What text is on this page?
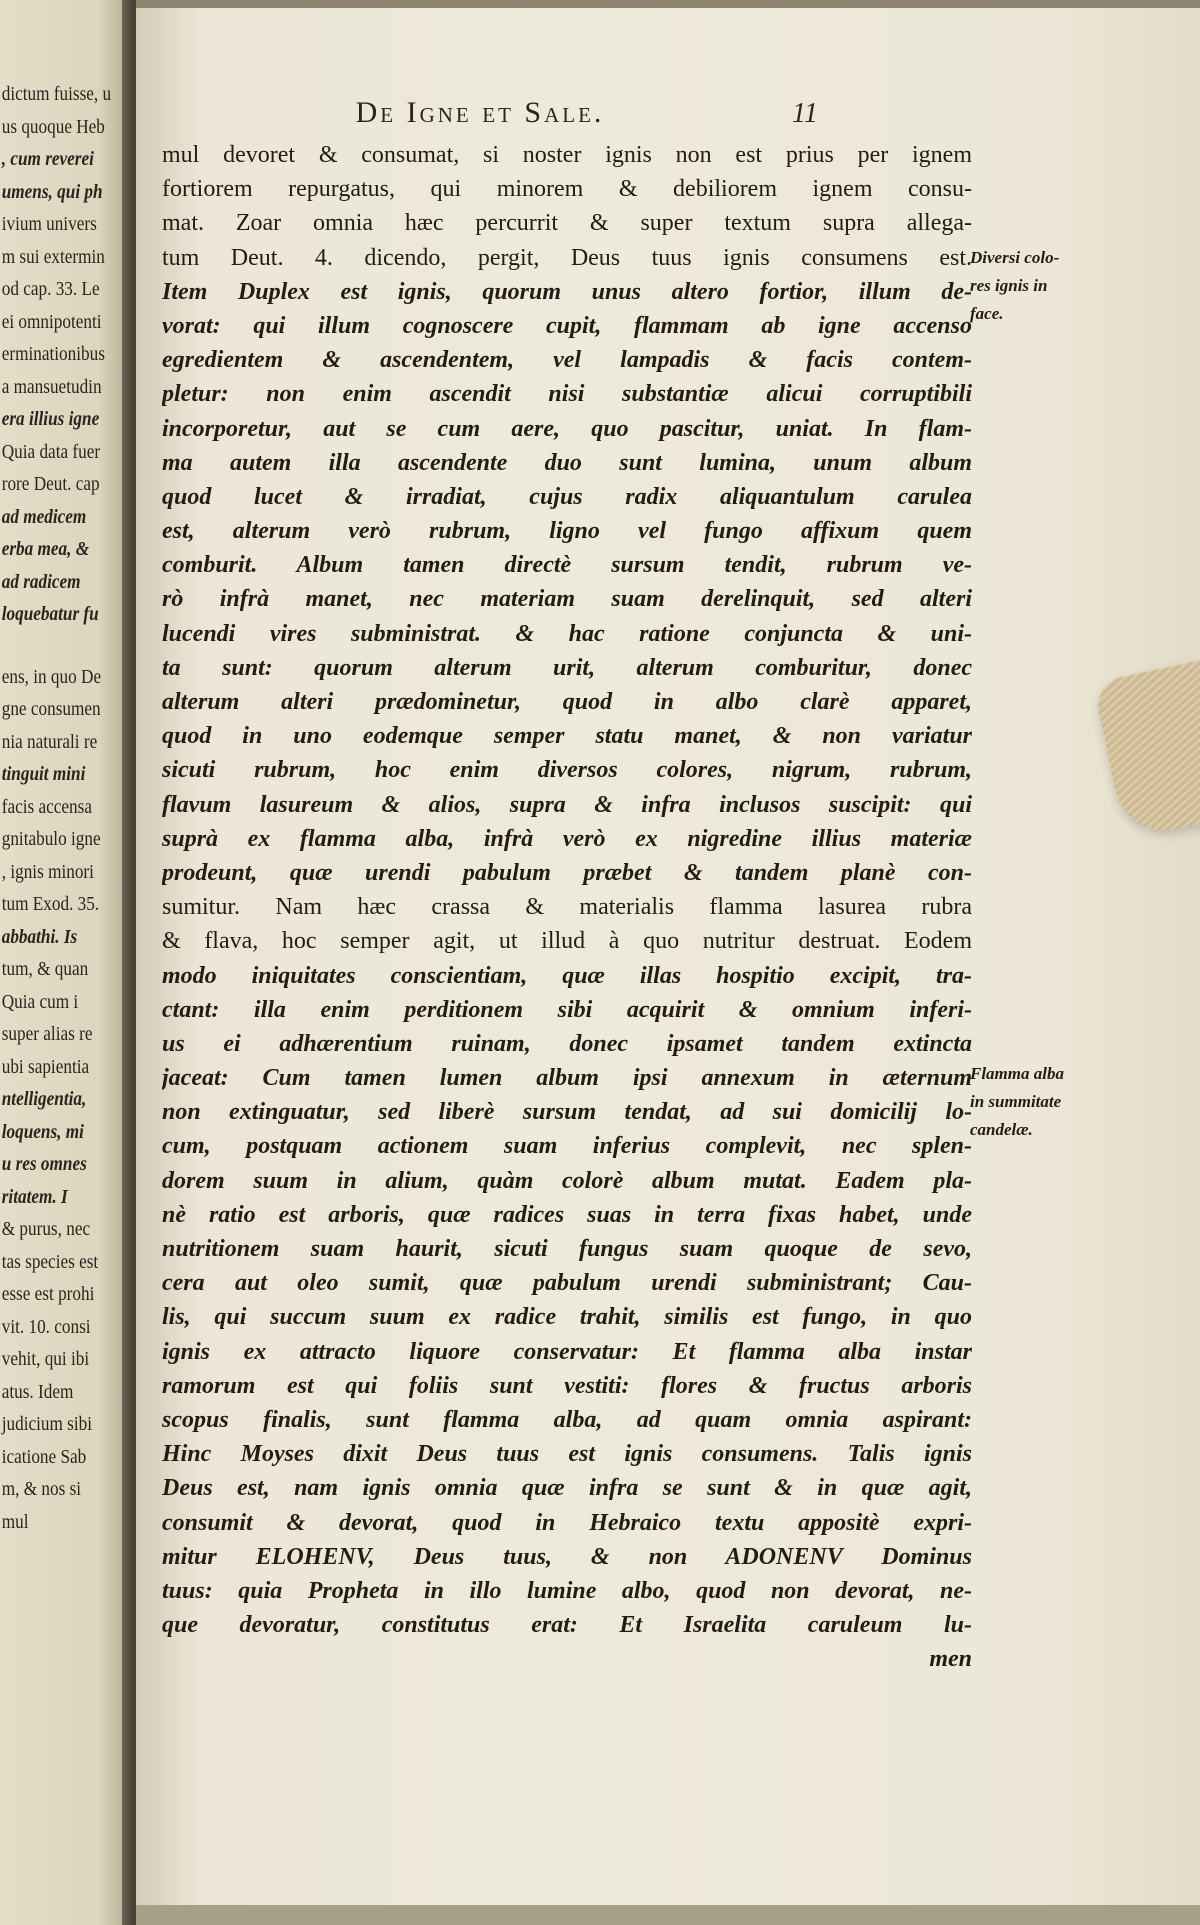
dictum fuisse, u
us quoque Heb
, cum reverei
umens, qui ph
ivium univers
m sui extermin
od cap. 33. Le
ei omnipotenti
erminationibus
a mansuetudin
era illius igne
Quia data fuer
rore Deut. cap
ad medicem
erba mea, &
ad radicem
loquebatur fu
ens, in quo De
gne consumen
nia naturali re
tinguit mini
facis accensa
gnitabulo igne
, ignis minori
tum Exod. 35.
abbathi. Is
tum, & quan
Quia cum i
super alias re
ubi sapientia
ntelligentia,
loquens, mi
u res omnes
ritatem. I
& purus, nec
tas species est
esse est prohi
vit. 10. consi
vehit, qui ibi
atus. Idem
judicium sibi
icatione Sab
m, & nos si
mul
De Igne et Sale.	11
mul devoret & consumat, si noster ignis non est prius per ignem
fortiorem repurgatus, qui minorem & debiliorem ignem consu-
mat. Zoar omnia hæc percurrit & super textum supra allega-
tum Deut. 4. dicendo, pergit, Deus tuus ignis consumens est.
Item Duplex est ignis, quorum unus altero fortior, illum de-
vorat: qui illum cognoscere cupit, flammam ab igne accenso
egredientem & ascendentem, vel lampadis & facis contem-
pletur: non enim ascendit nisi substantiæ alicui corruptibili
incorporetur, aut se cum aere, quo pascitur, uniat. In flam-
ma autem illa ascendente duo sunt lumina, unum album
quod lucet & irradiat, cujus radix aliquantulum carulea
est, alterum verò rubrum, ligno vel fungo affixum quem
comburit. Album tamen directè sursum tendit, rubrum ve-
rò infrà manet, nec materiam suam derelinquit, sed alteri
lucendi vires subministrat. & hac ratione conjuncta & uni-
ta sunt: quorum alterum urit, alterum comburitur, donec
alterum alteri prædominetur, quod in albo clarè apparet,
quod in uno eodemque semper statu manet, & non variatur
sicuti rubrum, hoc enim diversos colores, nigrum, rubrum,
flavum lasureum & alios, supra & infra inclusos suscipit: qui
suprà ex flamma alba, infrà verò ex nigredine illius materiæ
prodeunt, quæ urendi pabulum præbet & tandem planè con-
sumitur. Nam hæc crassa & materialis flamma lasurea rubra
& flava, hoc semper agit, ut illud à quo nutritur destruat. Eodem
modo iniquitates conscientiam, quæ illas hospitio excipit, tra-
ctant: illa enim perditionem sibi acquirit & omnium inferi-
us ei adhærentium ruinam, donec ipsamet tandem extincta
jaceat: Cum tamen lumen album ipsi annexum in æternum
non extinguatur, sed liberè sursum tendat, ad sui domicilij lo-
cum, postquam actionem suam inferius complevit, nec splen-
dorem suum in alium, quàm colorè album mutat. Eadem pla-
nè ratio est arboris, quæ radices suas in terra fixas habet, unde
nutritionem suam haurit, sicuti fungus suam quoque de sevo,
cera aut oleo sumit, quæ pabulum urendi subministrant; Cau-
lis, qui succum suum ex radice trahit, similis est fungo, in quo
ignis ex attracto liquore conservatur: Et flamma alba instar
ramorum est qui foliis sunt vestiti: flores & fructus arboris
scopus finalis, sunt flamma alba, ad quam omnia aspirant:
Hinc Moyses dixit Deus tuus est ignis consumens. Talis ignis
Deus est, nam ignis omnia quæ infra se sunt & in quæ agit,
consumit & devorat, quod in Hebraico textu appositè expri-
mitur ELOHENV, Deus tuus, & non ADONENV Dominus
tuus: quia Propheta in illo lumine albo, quod non devorat, ne-
que devoratur, constitutus erat: Et Israelita caruleum lu-
men
Diversi colo-
res ignis in
face.
Flamma alba
in summitate
candelæ.
